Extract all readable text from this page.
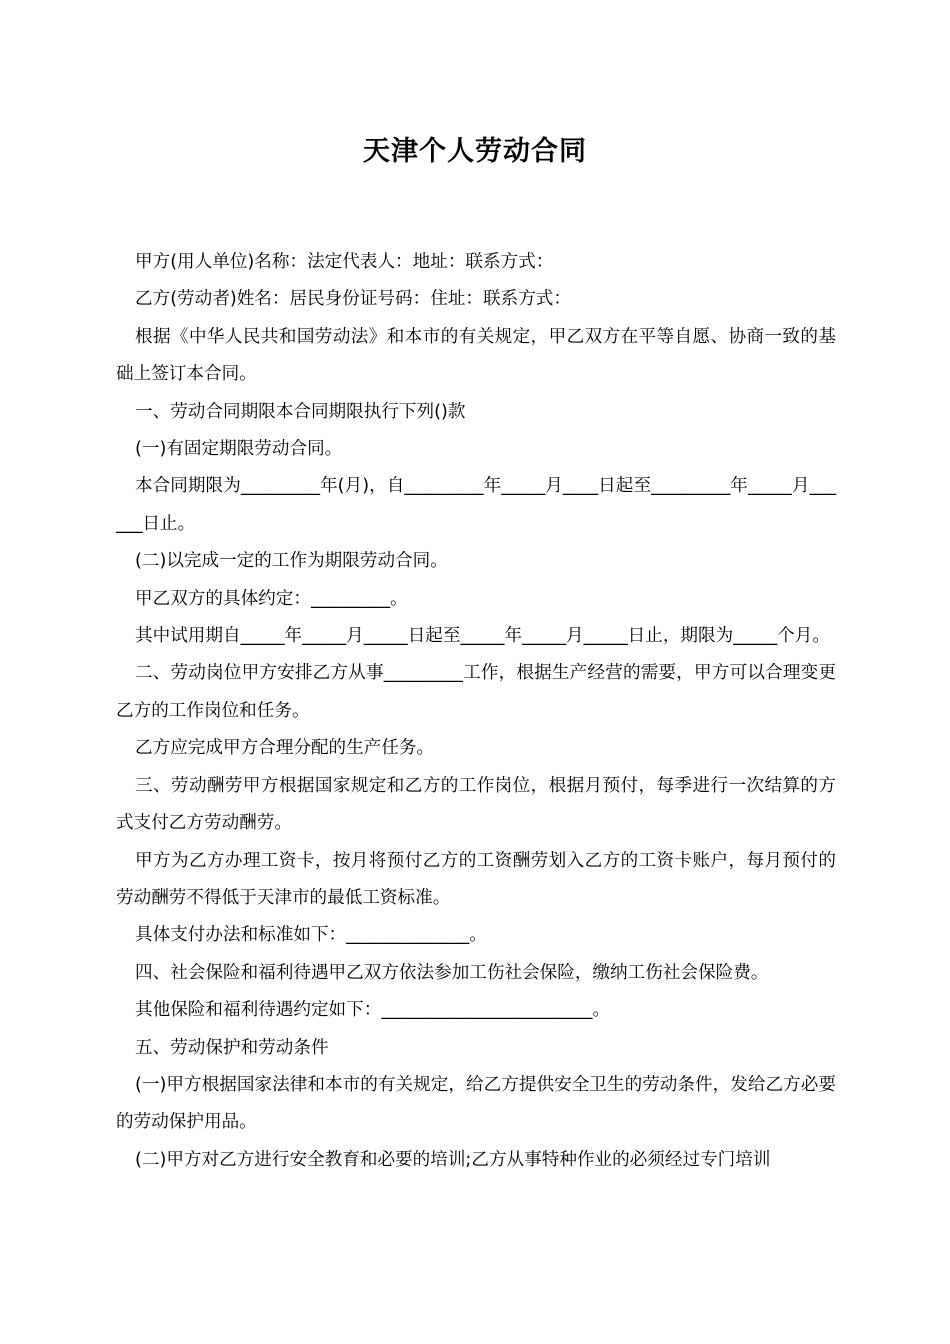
天津个人劳动合同

甲方(用人单位)名称：法定代表人：地址：联系方式：

乙方(劳动者)姓名：居民身份证号码：住址：联系方式：

根据《中华人民共和国劳动法》和本市的有关规定，甲乙双方在平等自愿、协商一致的基础上签订本合同。

一、劳动合同期限本合同期限执行下列()款

(一)有固定期限劳动合同。

本合同期限为_________年(月)，自_________年_____月____日起至_________年_____月______日止。

(二)以完成一定的工作为期限劳动合同。

甲乙双方的具体约定：_________。

其中试用期自_____年_____月_____日起至_____年_____月_____日止，期限为_____个月。

二、劳动岗位甲方安排乙方从事_________工作，根据生产经营的需要，甲方可以合理变更乙方的工作岗位和任务。

乙方应完成甲方合理分配的生产任务。

三、劳动酬劳甲方根据国家规定和乙方的工作岗位，根据月预付，每季进行一次结算的方式支付乙方劳动酬劳。

甲方为乙方办理工资卡，按月将预付乙方的工资酬劳划入乙方的工资卡账户，每月预付的劳动酬劳不得低于天津市的最低工资标准。

具体支付办法和标准如下：______________。

四、社会保险和福利待遇甲乙双方依法参加工伤社会保险，缴纳工伤社会保险费。

其他保险和福利待遇约定如下：________________________。

五、劳动保护和劳动条件

(一)甲方根据国家法律和本市的有关规定，给乙方提供安全卫生的劳动条件，发给乙方必要的劳动保护用品。

(二)甲方对乙方进行安全教育和必要的培训;乙方从事特种作业的必须经过专门培训
